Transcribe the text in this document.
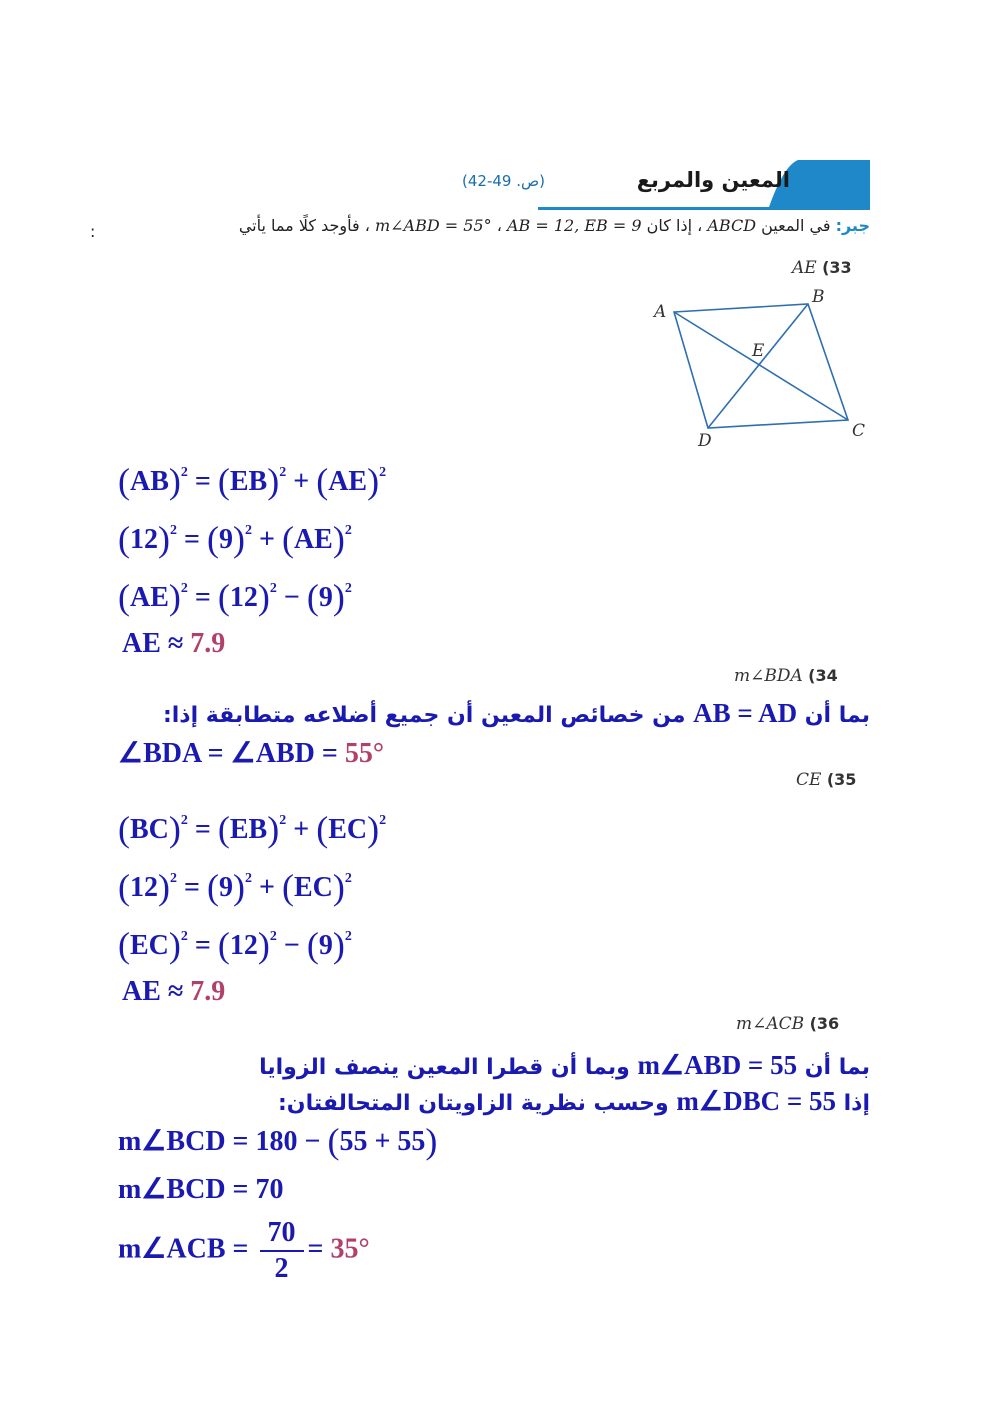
المعين والمربع
(ص. 49-42)
جبر: في المعين ABCD ، إذا كان AB = 12, EB = 9 ، m∠ABD = 55° ، فأوجد كلًا مما يأتي
:
AE (33
A
B
C
D
E
(AB)$^2$ = (EB)$^2$ + (AE)$^2$
$(12)^2 = (9)^2 + (AE)^2$
$(AE)^2 = (12)^2 - (9)^2$
AE ≈ 7.9
m∠BDA (34
بما أن AB = AD من خصائص المعين أن جميع أضلاعه متطابقة إذا:
∠BDA = ∠ABD = 55°
CE (35
(BC)$^2$ = (EB)$^2$ + (EC)$^2$
$(12)^2 = (9)^2 + (EC)^2$
$(EC)^2 = (12)^2 - (9)^2$
AE ≈ 7.9
m∠ACB (36
بما أن m∠ABD = 55 وبما أن قطرا المعين ينصف الزوايا
إذا m∠DBC = 55 وحسب نظرية الزاويتان المتحالفتان:
m∠BCD = 180 − (55 + 55)
m∠BCD = 70
m∠ACB = $\frac{70}{2} = 35^\circ$
